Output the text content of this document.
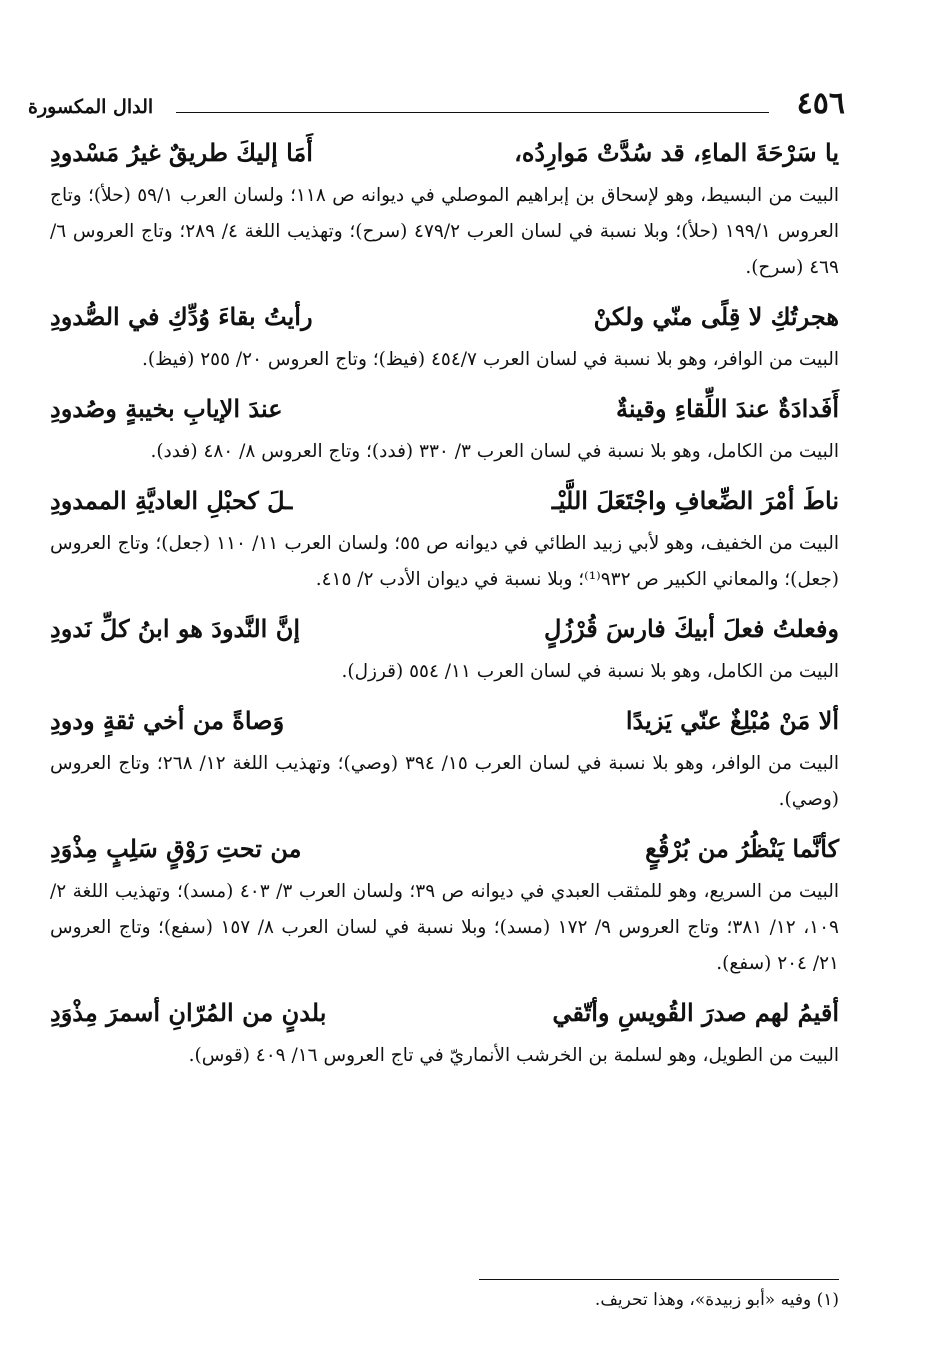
٤٥٦
الدال المكسورة
يا سَرْحَةَ الماءِ، قد سُدَّتْ مَوارِدُه،
أَمَا إليكَ طريقٌ غيرُ مَسْدودِ

البيت من البسيط، وهو لإسحاق بن إبراهيم الموصلي في ديوانه ص ١١٨؛ ولسان العرب ٥٩/١ (حلأ)؛ وتاج العروس ١٩٩/١ (حلأ)؛ وبلا نسبة في لسان العرب ٤٧٩/٢ (سرح)؛ وتهذيب اللغة ٤/ ٢٨٩؛ وتاج العروس ٦/ ٤٦٩ (سرح).

هجرتُكِ لا قِلًى منّي ولكنْ
رأيتُ بقاءَ وُدِّكِ في الصُّدودِ

البيت من الوافر، وهو بلا نسبة في لسان العرب ٤٥٤/٧ (فيظ)؛ وتاج العروس ٢٠/ ٢٥٥ (فيظ).

أَفَدادَةٌ عندَ اللِّقاءِ وقينةٌ
عندَ الإيابِ بخيبةٍ وصُدودِ

البيت من الكامل، وهو بلا نسبة في لسان العرب ٣/ ٣٣٠ (فدد)؛ وتاج العروس ٨/ ٤٨٠ (فدد).

ناطَ أمْرَ الضِّعافِ واجْتَعَلَ اللَّيْـ
ـلَ كحبْلِ العاديَّةِ الممدودِ

البيت من الخفيف، وهو لأبي زبيد الطائي في ديوانه ص ٥٥؛ ولسان العرب ١١/ ١١٠ (جعل)؛ وتاج العروس (جعل)؛ والمعاني الكبير ص ٩٣٢⁽¹⁾؛ وبلا نسبة في ديوان الأدب ٢/ ٤١٥.

وفعلتُ فعلَ أبيكَ فارسَ قُرْزُلٍ
إنَّ النَّدودَ هو ابنُ كلِّ نَدودِ

البيت من الكامل، وهو بلا نسبة في لسان العرب ١١/ ٥٥٤ (قرزل).

ألا مَنْ مُبْلِغٌ عنّي يَزيدًا
وَصاةً من أخي ثقةٍ ودودِ

البيت من الوافر، وهو بلا نسبة في لسان العرب ١٥/ ٣٩٤ (وصي)؛ وتهذيب اللغة ١٢/ ٢٦٨؛ وتاج العروس (وصي).

كأنَّما يَنْظُرُ من بُرْقُعٍ
من تحتِ رَوْقٍ سَلِبٍ مِذْوَدِ

البيت من السريع، وهو للمثقب العبدي في ديوانه ص ٣٩؛ ولسان العرب ٣/ ٤٠٣ (مسد)؛ وتهذيب اللغة ٢/ ١٠٩، ١٢/ ٣٨١؛ وتاج العروس ٩/ ١٧٢ (مسد)؛ وبلا نسبة في لسان العرب ٨/ ١٥٧ (سفع)؛ وتاج العروس ٢١/ ٢٠٤ (سفع).

أقيمُ لهم صدرَ القُويسِ وأتّقي
بلدنٍ من المُرّانِ أسمرَ مِذْوَدِ

البيت من الطويل، وهو لسلمة بن الخرشب الأنماريّ في تاج العروس ١٦/ ٤٠٩ (قوس).

(١) وفيه «أبو زبيدة»، وهذا تحريف.
